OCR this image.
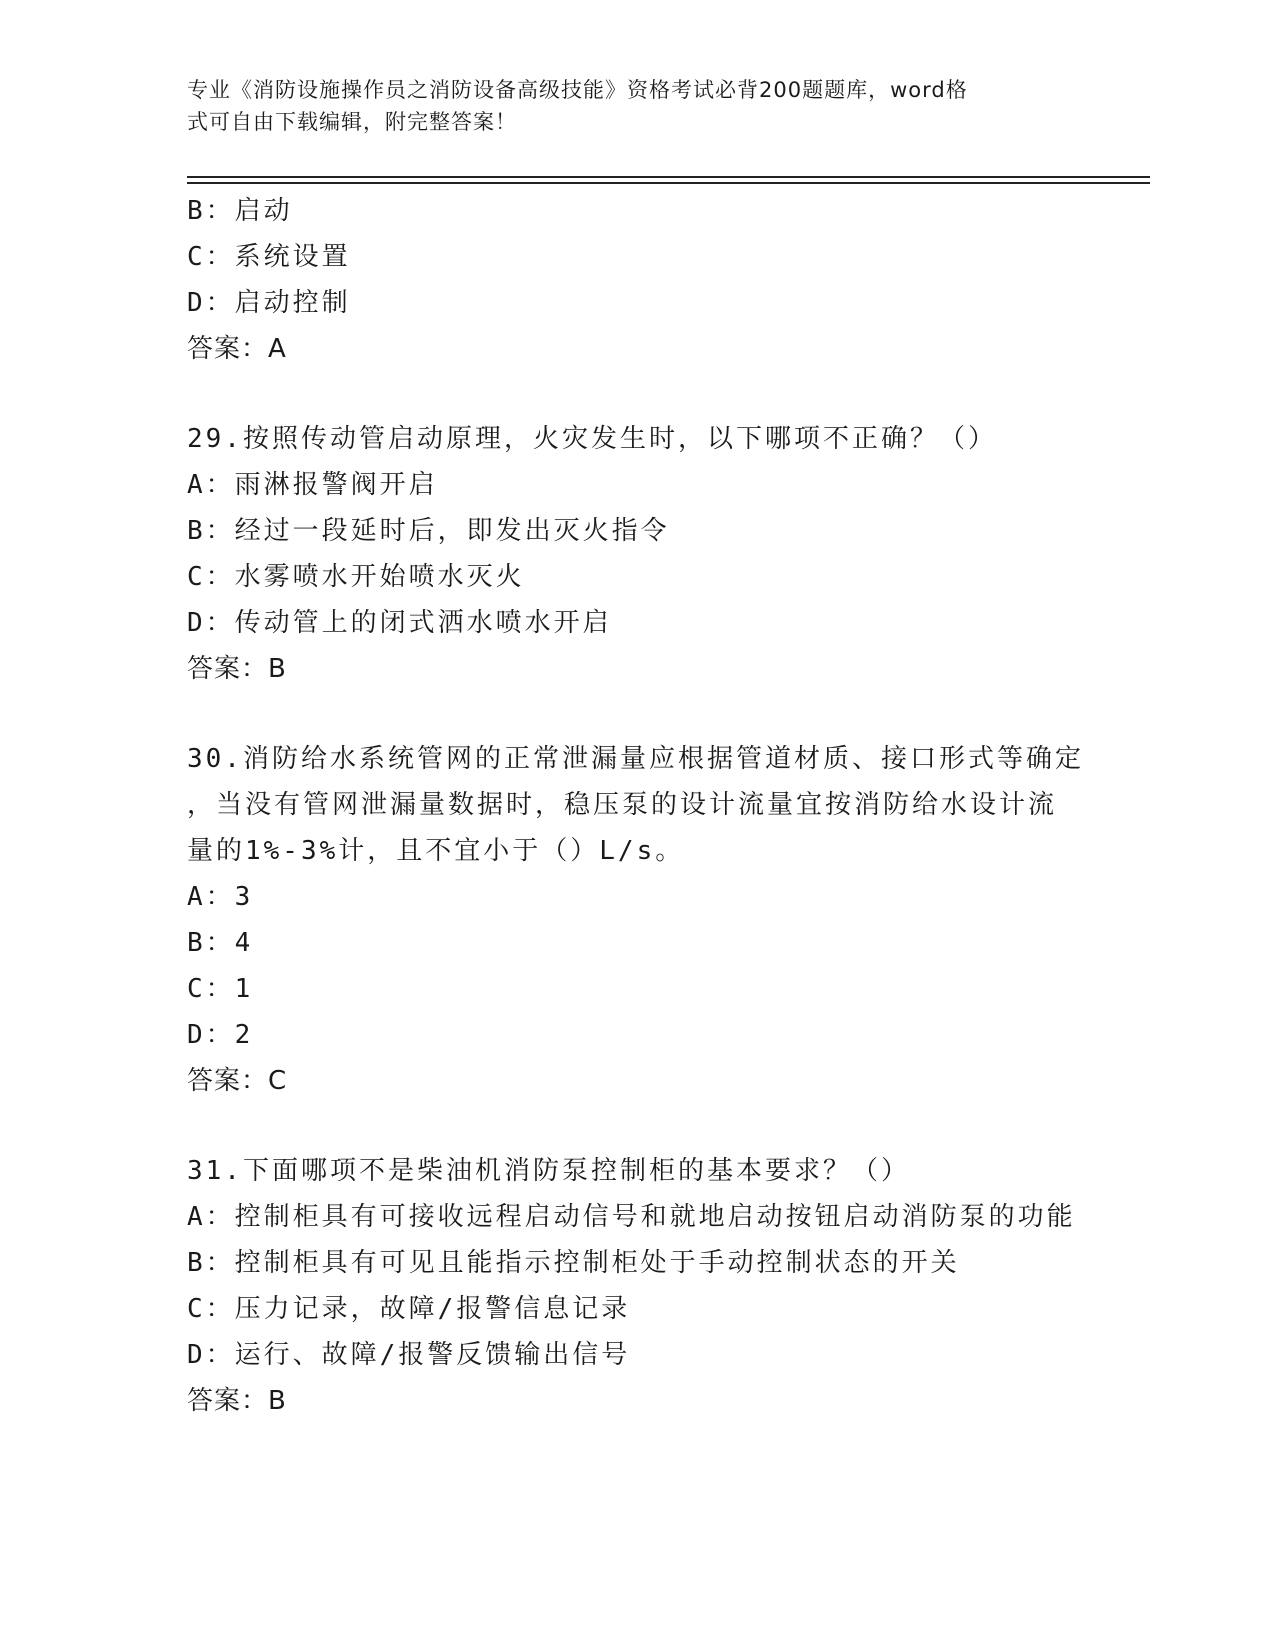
专业《消防设施操作员之消防设备高级技能》资格考试必背200题题库，word格
式可自由下载编辑，附完整答案！
B：启动
C：系统设置
D：启动控制
答案：A
29.按照传动管启动原理，火灾发生时，以下哪项不正确？（）
A：雨淋报警阀开启
B：经过一段延时后，即发出灭火指令
C：水雾喷水开始喷水灭火
D：传动管上的闭式洒水喷水开启
答案：B
30.消防给水系统管网的正常泄漏量应根据管道材质、接口形式等确定
，当没有管网泄漏量数据时，稳压泵的设计流量宜按消防给水设计流
量的1%-3%计，且不宜小于（）L/s。
A：3
B：4
C：1
D：2
答案：C
31.下面哪项不是柴油机消防泵控制柜的基本要求？（）
A：控制柜具有可接收远程启动信号和就地启动按钮启动消防泵的功能
B：控制柜具有可见且能指示控制柜处于手动控制状态的开关
C：压力记录，故障/报警信息记录
D：运行、故障/报警反馈输出信号
答案：B
